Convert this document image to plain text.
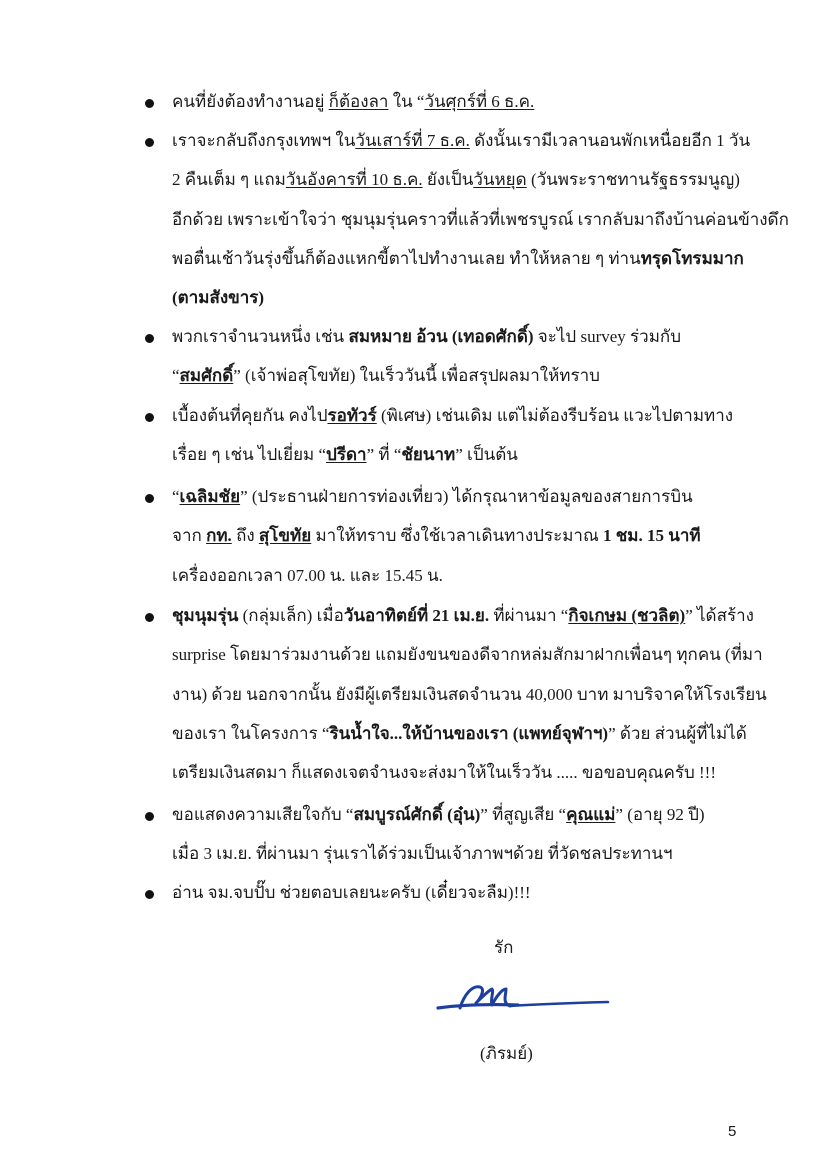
คนที่ยังต้องทำงานอยู่ ก็ต้องลา ใน “วันศุกร์ที่ 6 ธ.ค.
เราจะกลับถึงกรุงเทพฯ ในวันเสาร์ที่ 7 ธ.ค. ดังนั้นเรามีเวลานอนพักเหนื่อยอีก 1 วัน
2 คืนเต็ม ๆ แถมวันอังคารที่ 10 ธ.ค. ยังเป็นวันหยุด (วันพระราชทานรัฐธรรมนูญ)
อีกด้วย เพราะเข้าใจว่า ชุมนุมรุ่นคราวที่แล้วที่เพชรบูรณ์ เรากลับมาถึงบ้านค่อนข้างดึก
พอตื่นเช้าวันรุ่งขึ้นก็ต้องแหกขี้ตาไปทำงานเลย ทำให้หลาย ๆ ท่านทรุดโทรมมาก
(ตามสังขาร)
พวกเราจำนวนหนึ่ง เช่น สมหมาย อ้วน (เทอดศักดิ์) จะไป survey ร่วมกับ
“สมศักดิ์” (เจ้าพ่อสุโขทัย) ในเร็ววันนี้ เพื่อสรุปผลมาให้ทราบ
เบื้องต้นที่คุยกัน คงไปรอทัวร์ (พิเศษ) เช่นเดิม แต่ไม่ต้องรีบร้อน แวะไปตามทาง
เรื่อย ๆ เช่น ไปเยี่ยม “ปรีดา” ที่ “ชัยนาท” เป็นต้น
“เฉลิมชัย” (ประธานฝ่ายการท่องเที่ยว) ได้กรุณาหาข้อมูลของสายการบิน
จาก กท. ถึง สุโขทัย มาให้ทราบ ซึ่งใช้เวลาเดินทางประมาณ 1 ชม. 15 นาที
เครื่องออกเวลา 07.00 น. และ 15.45 น.
ชุมนุมรุ่น (กลุ่มเล็ก) เมื่อวันอาทิตย์ที่ 21 เม.ย. ที่ผ่านมา “กิจเกษม (ชวลิต)” ได้สร้าง
surprise โดยมาร่วมงานด้วย แถมยังขนของดีจากหล่มสักมาฝากเพื่อนๆ ทุกคน (ที่มา
งาน) ด้วย นอกจากนั้น ยังมีผู้เตรียมเงินสดจำนวน 40,000 บาท มาบริจาคให้โรงเรียน
ของเรา ในโครงการ “รินน้ำใจ...ให้บ้านของเรา (แพทย์จุฬาฯ)” ด้วย ส่วนผู้ที่ไม่ได้
เตรียมเงินสดมา ก็แสดงเจตจำนงจะส่งมาให้ในเร็ววัน ..... ขอขอบคุณครับ !!!
ขอแสดงความเสียใจกับ “สมบูรณ์ศักดิ์ (อุ๋น)” ที่สูญเสีย “คุณแม่” (อายุ 92 ปี)
เมื่อ 3 เม.ย. ที่ผ่านมา รุ่นเราได้ร่วมเป็นเจ้าภาพฯด้วย ที่วัดชลประทานฯ
อ่าน จม.จบปั๊บ ช่วยตอบเลยนะครับ (เดี๋ยวจะลืม)!!!
รัก
(ภิรมย์)
5
